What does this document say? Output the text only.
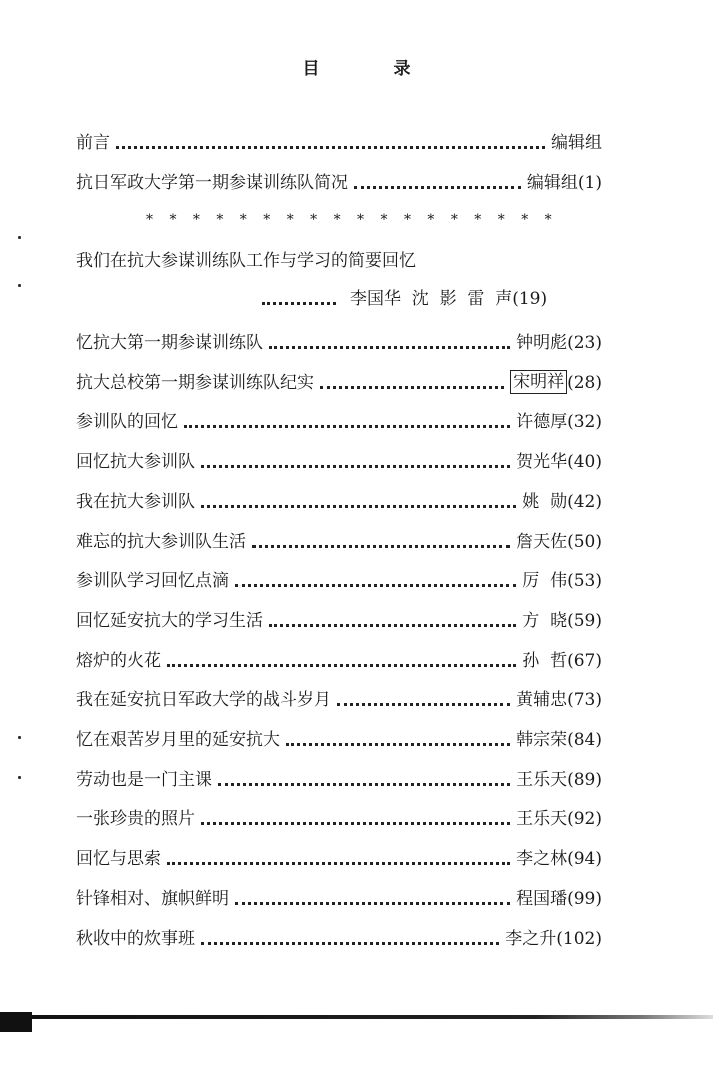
目 录
前言	编辑组
抗日军政大学第一期参谋训练队简况	编辑组 (1)
* * * * * * * * * * * * * * * * * *
我们在抗大参谋训练队工作与学习的简要回忆
李国华  沈  影  雷  声 (19)
忆抗大第一期参谋训练队	钟明彪 (23)
抗大总校第一期参谋训练队纪实	宋明祥 (28)
参训队的回忆	许德厚 (32)
回忆抗大参训队	贺光华 (40)
我在抗大参训队	姚  勋 (42)
难忘的抗大参训队生活	詹天佐 (50)
参训队学习回忆点滴	厉  伟 (53)
回忆延安抗大的学习生活	方  晓 (59)
熔炉的火花	孙  哲 (67)
我在延安抗日军政大学的战斗岁月	黄辅忠 (73)
忆在艰苦岁月里的延安抗大	韩宗荣 (84)
劳动也是一门主课	王乐天 (89)
一张珍贵的照片	王乐天 (92)
回忆与思索	李之林 (94)
针锋相对、旗帜鲜明	程国璠 (99)
秋收中的炊事班	李之升 (102)
